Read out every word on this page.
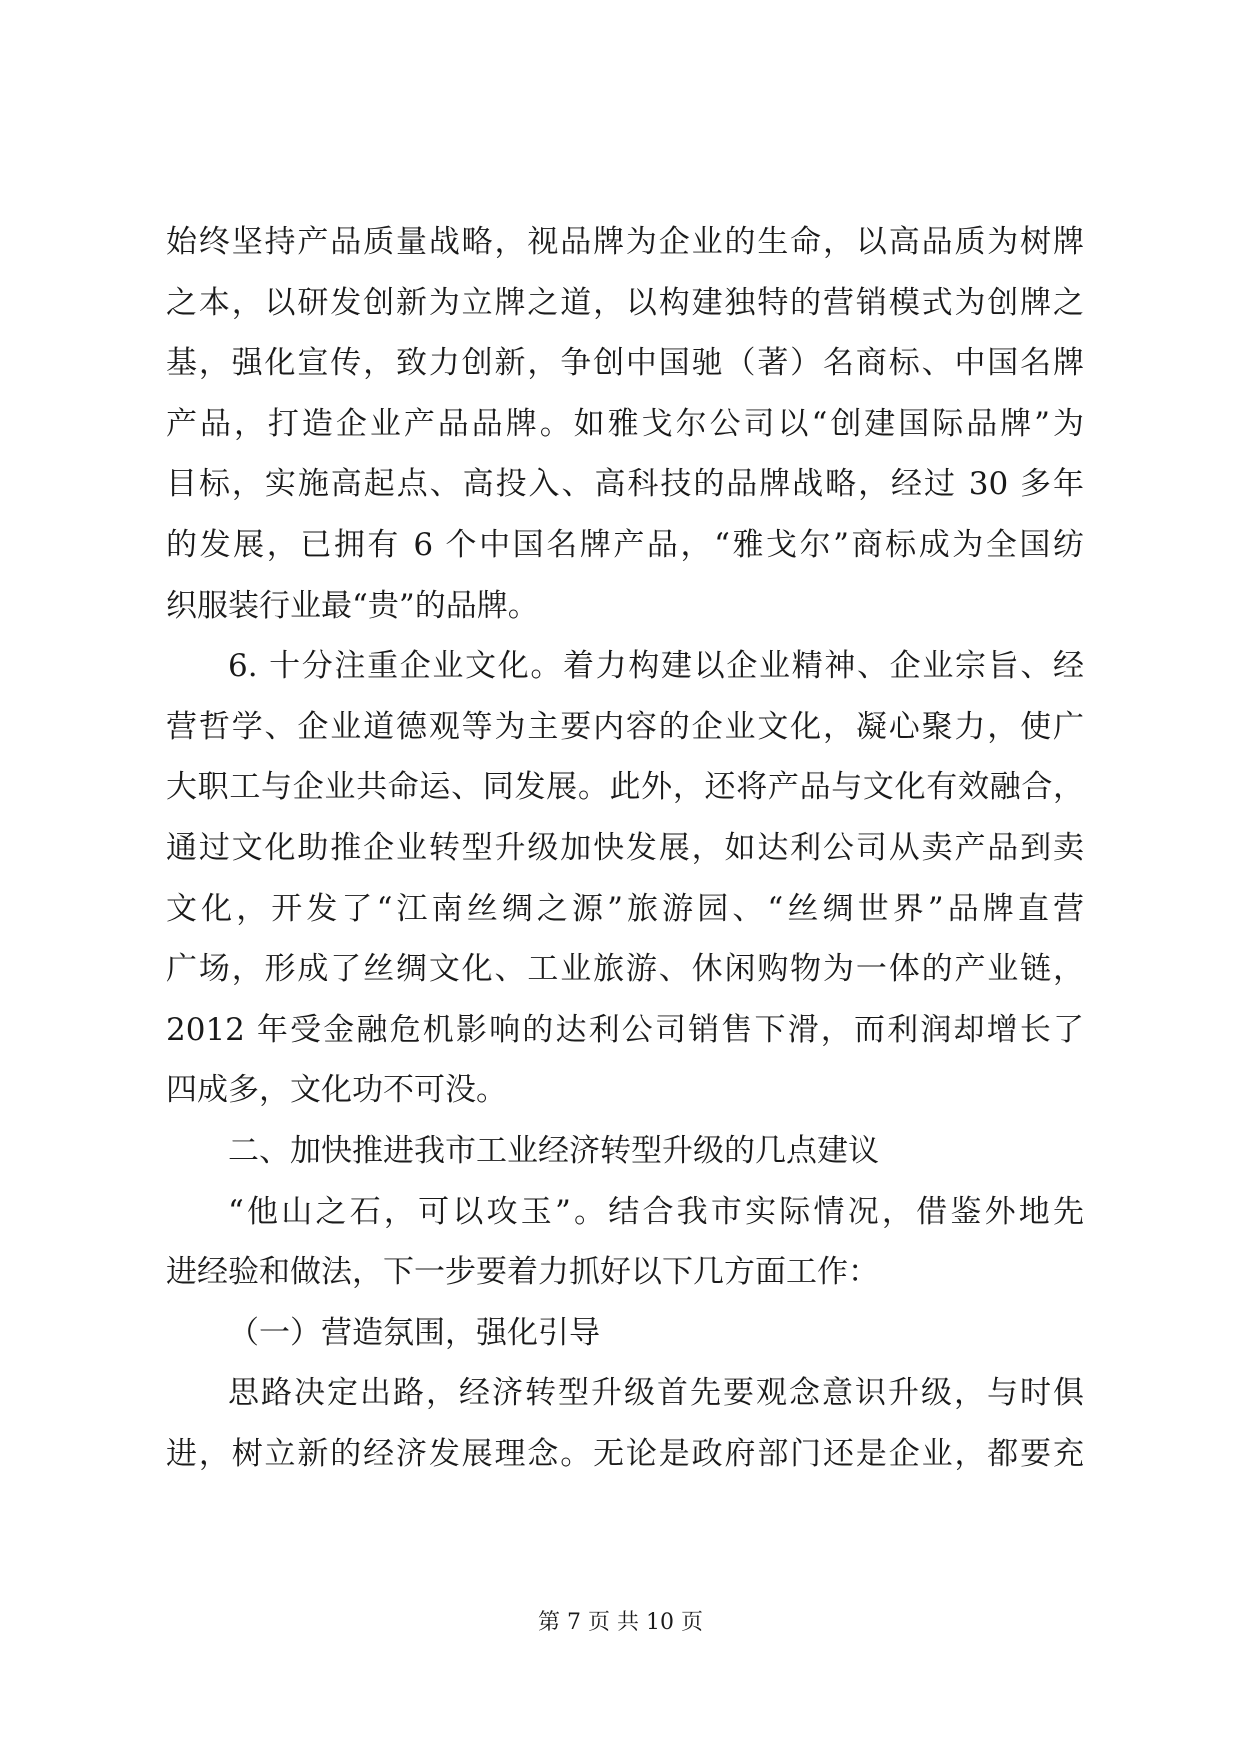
始终坚持产品质量战略，视品牌为企业的生命，以高品质为树牌
之本，以研发创新为立牌之道，以构建独特的营销模式为创牌之
基，强化宣传，致力创新，争创中国驰（著）名商标、中国名牌
产品，打造企业产品品牌。如雅戈尔公司以“创建国际品牌”为
目标，实施高起点、高投入、高科技的品牌战略，经过 30 多年
的发展，已拥有 6 个中国名牌产品，“雅戈尔”商标成为全国纺
织服装行业最“贵”的品牌。
6. 十分注重企业文化。着力构建以企业精神、企业宗旨、经
营哲学、企业道德观等为主要内容的企业文化，凝心聚力，使广
大职工与企业共命运、同发展。此外，还将产品与文化有效融合，
通过文化助推企业转型升级加快发展，如达利公司从卖产品到卖
文化，开发了“江南丝绸之源”旅游园、“丝绸世界”品牌直营
广场，形成了丝绸文化、工业旅游、休闲购物为一体的产业链，
2012 年受金融危机影响的达利公司销售下滑，而利润却增长了
四成多，文化功不可没。
二、加快推进我市工业经济转型升级的几点建议
“他山之石，可以攻玉”。结合我市实际情况，借鉴外地先
进经验和做法，下一步要着力抓好以下几方面工作：
（一）营造氛围，强化引导
思路决定出路，经济转型升级首先要观念意识升级，与时俱
进，树立新的经济发展理念。无论是政府部门还是企业，都要充
第 7 页 共 10 页
